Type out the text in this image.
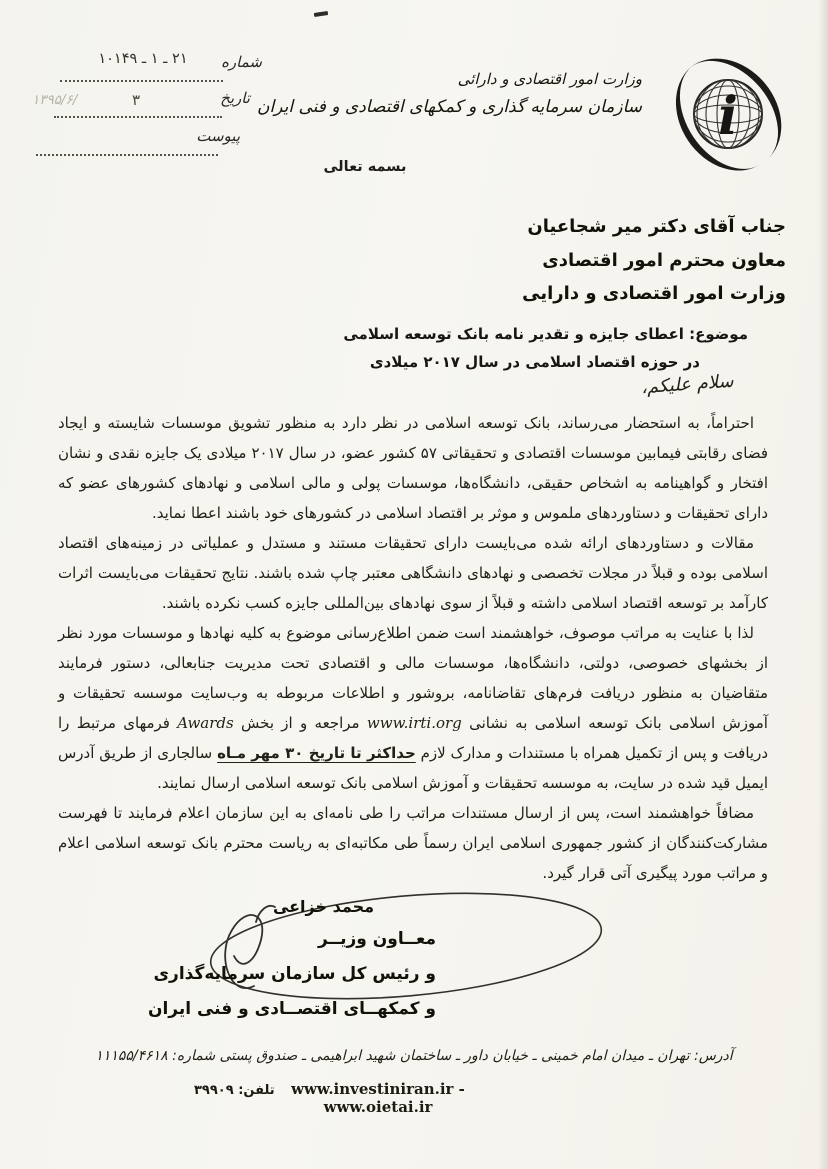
شماره
۲۱ ـ ۱ ـ ۱۰۱۴۹
تاریخ
۱۳۹۵/۶/	۳
پیوست
وزارت امور اقتصادی و دارائی
سازمان سرمایه گذاری و کمکهای اقتصادی و فنی ایران i
بسمه تعالی
جناب آقای دکتر میر شجاعیان
معاون محترم امور اقتصادی
وزارت امور اقتصادی و دارایی
موضوع: اعطای جایزه و تقدیر نامه بانک توسعه اسلامی
در حوزه اقتصاد اسلامی در سال ۲۰۱۷ میلادی
سلام علیکم،

احتراماً، به استحضار می‌رساند، بانک توسعه اسلامی در نظر دارد به منظور تشویق موسسات شایسته و ایجاد فضای رقابتی فیمابین موسسات اقتصادی و تحقیقاتی ۵۷ کشور عضو، در سال ۲۰۱۷ میلادی یک جایزه نقدی و نشان افتخار و گواهینامه به اشخاص حقیقی، دانشگاه‌ها، موسسات پولی و مالی اسلامی و نهادهای کشورهای عضو که دارای تحقیقات و دستاوردهای ملموس و موثر بر اقتصاد اسلامی در کشورهای خود باشند اعطا نماید.

مقالات و دستاوردهای ارائه شده می‌بایست دارای تحقیقات مستند و مستدل و عملیاتی در زمینه‌های اقتصاد اسلامی بوده و قبلاً در مجلات تخصصی و نهادهای دانشگاهی معتبر چاپ شده باشند. نتایج تحقیقات می‌بایست اثرات کارآمد بر توسعه اقتصاد اسلامی داشته و قبلاً از سوی نهادهای بین‌المللی جایزه کسب نکرده باشند.

لذا با عنایت به مراتب موصوف، خواهشمند است ضمن اطلاع‌رسانی موضوع به کلیه نهادها و موسسات مورد نظر از بخشهای خصوصی، دولتی، دانشگاه‌ها، موسسات مالی و اقتصادی تحت مدیریت جنابعالی، دستور فرمایند متقاضیان به منظور دریافت فرم‌های تقاضانامه، بروشور و اطلاعات مربوطه به وب‌سایت موسسه تحقیقات و آموزش اسلامی بانک توسعه اسلامی به نشانی www.irti.org مراجعه و از بخش Awards فرمهای مرتبط را دریافت و پس از تکمیل همراه با مستندات و مدارک لازم حداکثر تا تاریخ ۳۰ مهر مـاه سالجاری از طریق آدرس ایمیل قید شده در سایت، به موسسه تحقیقات و آموزش اسلامی بانک توسعه اسلامی ارسال نمایند.

مضافاً خواهشمند است، پس از ارسال مستندات مراتب را طی نامه‌ای به این سازمان اعلام فرمایند تا فهرست مشارکت‌کنندگان از کشور جمهوری اسلامی ایران رسماً طی مکاتبه‌ای به ریاست محترم بانک توسعه اسلامی اعلام و مراتب مورد پیگیری آتی قرار گیرد.

محمد خزاعی
معــاون وزیــر
و رئیس کل سازمان سرمایه‌گذاری
و کمکهــای اقتصــادی و فنی ایران
آدرس: تهران ـ میدان امام خمینی ـ خیابان داور ـ ساختمان شهید ابراهیمی ـ صندوق پستی شماره: ۱۱۱۵۵/۴۶۱۸
www.investiniran.ir - www.oietai.ir
تلفن: ۳۹۹۰۹
